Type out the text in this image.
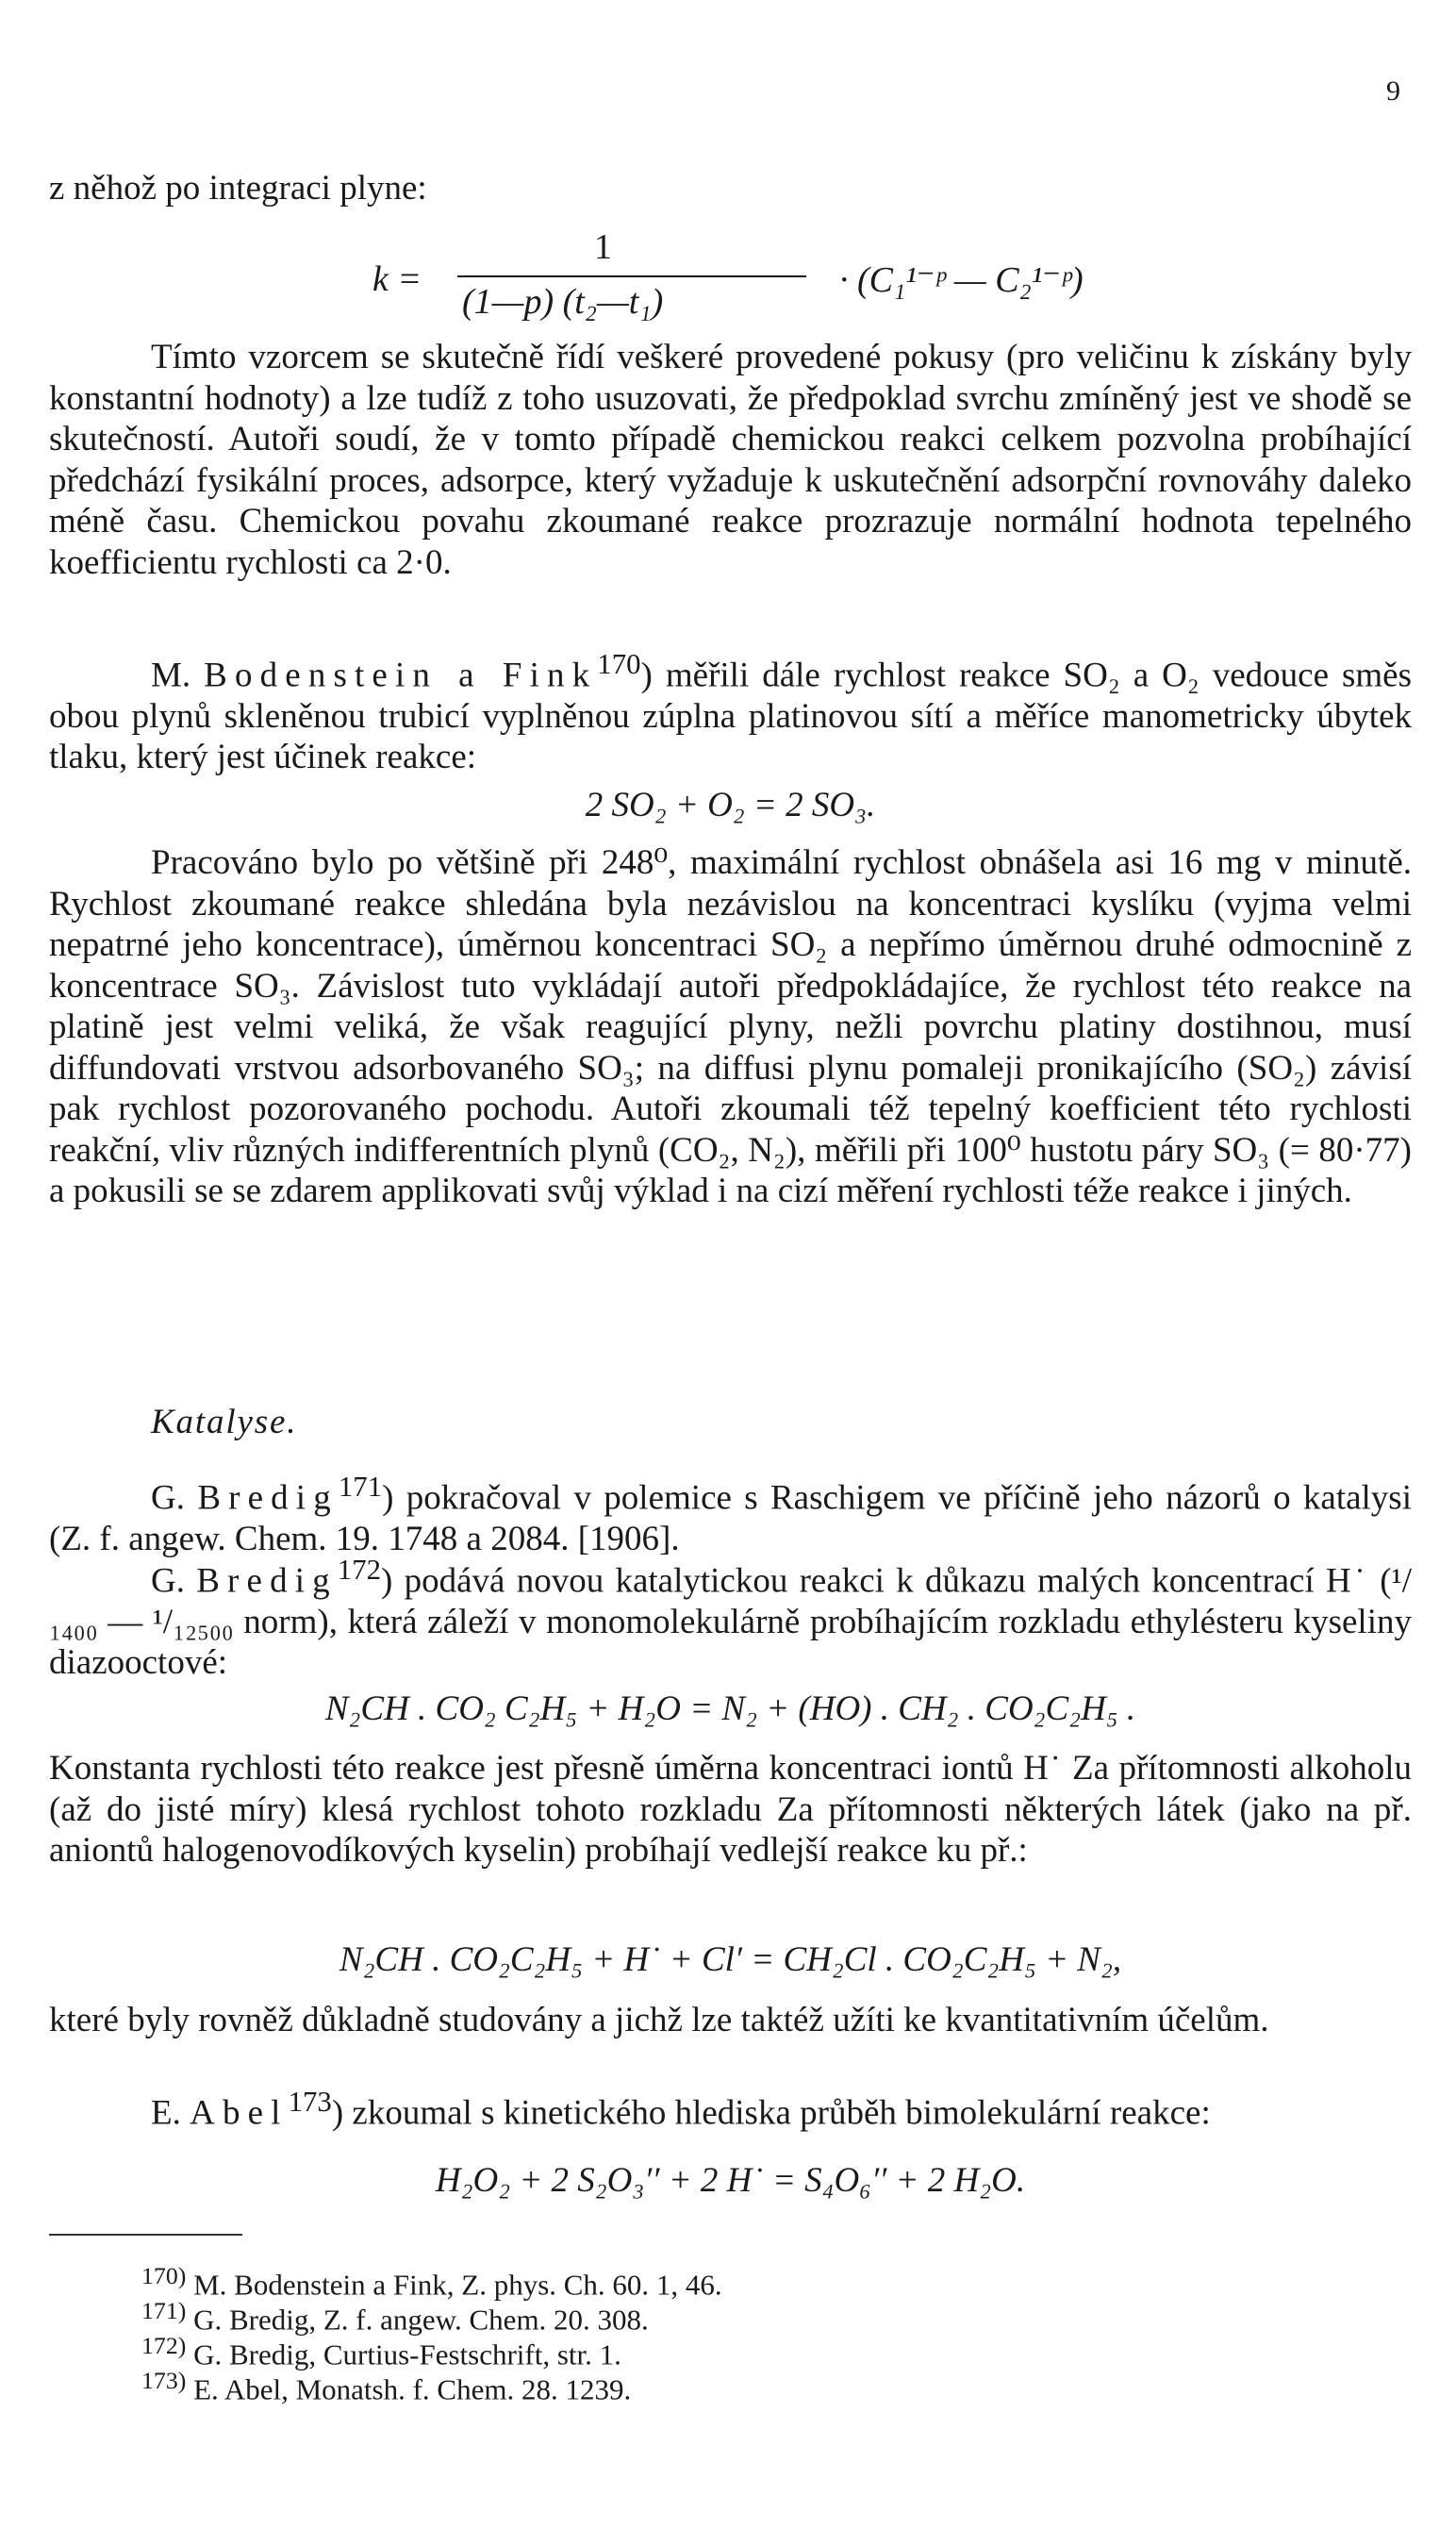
9
z něhož po integraci plyne:
k =
1
(1—p) (t₂—t₁)
· (C₁¹⁻ᵖ — C₂¹⁻ᵖ)
Tímto vzorcem se skutečně řídí veškeré provedené pokusy (pro veličinu k získány byly konstantní hodnoty) a lze tudíž z toho usuzovati, že předpoklad svrchu zmíněný jest ve shodě se skutečností. Autoři soudí, že v tomto případě chemickou reakci celkem pozvolna probíhající předchází fysikální proces, adsorpce, který vyžaduje k uskutečnění adsorpční rovnováhy daleko méně času. Chemickou povahu zkoumané reakce prozrazuje normální hodnota tepelného koefficientu rychlosti ca 2·0.
M. Bodenstein a Fink$^{170}$) měřili dále rychlost reakce SO₂ a O₂ vedouce směs obou plynů skleněnou trubicí vyplněnou zúplna platinovou sítí a měříce manometricky úbytek tlaku, který jest účinek reakce:
2 SO₂ + O₂ = 2 SO₃.
Pracováno bylo po většině při 248⁰, maximální rychlost obnášela asi 16 mg v minutě. Rychlost zkoumané reakce shledána byla nezávislou na koncentraci kyslíku (vyjma velmi nepatrné jeho koncentrace), úměrnou koncentraci SO₂ a nepřímo úměrnou druhé odmocnině z koncentrace SO₃. Závislost tuto vykládají autoři předpokládajíce, že rychlost této reakce na platině jest velmi veliká, že však reagující plyny, nežli povrchu platiny dostihnou, musí diffundovati vrstvou adsorbovaného SO₃; na diffusi plynu pomaleji pronikajícího (SO₂) závisí pak rychlost pozorovaného pochodu. Autoři zkoumali též tepelný koefficient této rychlosti reakční, vliv různých indifferentních plynů (CO₂, N₂), měřili při 100⁰ hustotu páry SO₃ (= 80·77) a pokusili se se zdarem applikovati svůj výklad i na cizí měření rychlosti téže reakce i jiných.
Katalyse.
G. Bredig$^{171}$) pokračoval v polemice s Raschigem ve příčině jeho názorů o katalysi (Z. f. angew. Chem. 19. 1748 a 2084. [1906].
G. Bredig$^{172}$) podává novou katalytickou reakci k důkazu malých koncentrací H˙ (¹/₁₄₀₀ — ¹/₁₂₅₀₀ norm), která záleží v monomolekulárně probíhajícím rozkladu ethylésteru kyseliny diazooctové:
N₂CH . CO₂ C₂H₅ + H₂O = N₂ + (HO) . CH₂ . CO₂C₂H₅ .
Konstanta rychlosti této reakce jest přesně úměrna koncentraci iontů H˙ Za přítomnosti alkoholu (až do jisté míry) klesá rychlost tohoto rozkladu Za přítomnosti některých látek (jako na př. aniontů halogenovodíkových kyselin) probíhají vedlejší reakce ku př.:
N₂CH . CO₂C₂H₅ + H˙ + Cl′ = CH₂Cl . CO₂C₂H₅ + N₂,
které byly rovněž důkladně studovány a jichž lze taktéž užíti ke kvantitativním účelům.
E. Abel$^{173}$) zkoumal s kinetického hlediska průběh bimolekulární reakce:
H₂O₂ + 2 S₂O₃′′ + 2 H˙ = S₄O₆′′ + 2 H₂O.
$^{170)}$ M. Bodenstein a Fink, Z. phys. Ch. 60. 1, 46.
$^{171)}$ G. Bredig, Z. f. angew. Chem. 20. 308.
$^{172)}$ G. Bredig, Curtius-Festschrift, str. 1.
$^{173)}$ E. Abel, Monatsh. f. Chem. 28. 1239.
